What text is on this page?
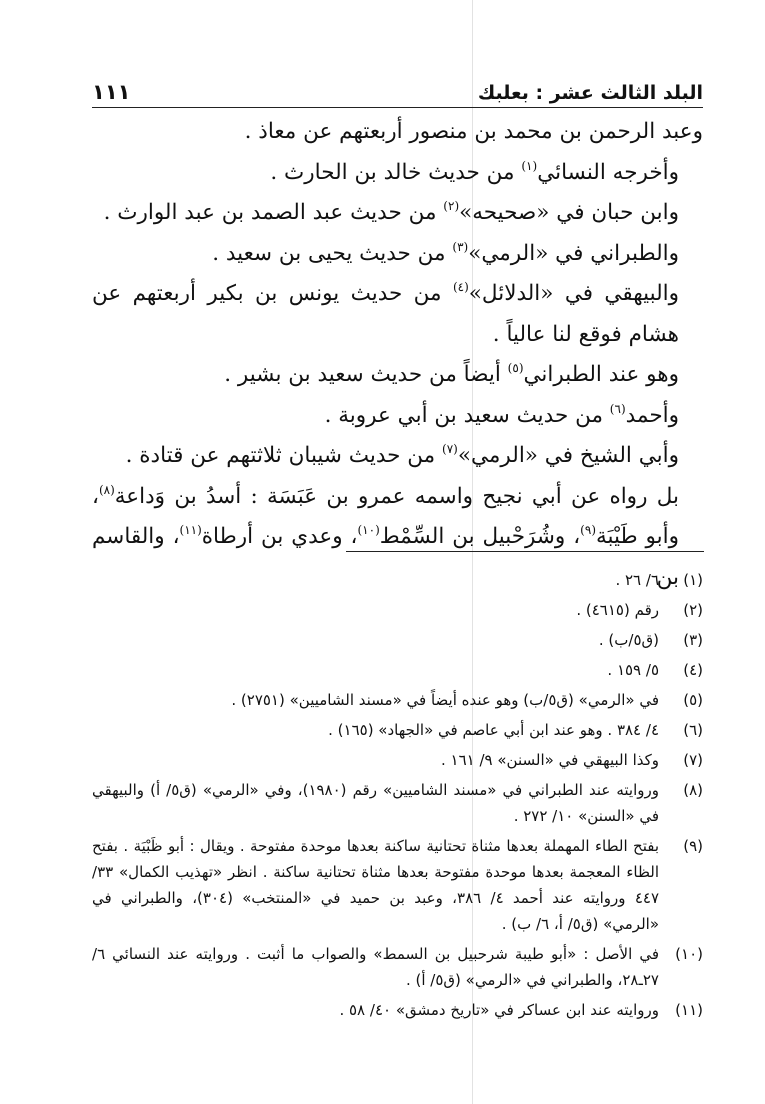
البلد الثالث عشر : بعلبك
١١١

وعبد الرحمن بن محمد بن منصور أربعتهم عن معاذ .

وأخرجه النسائي$^{(١)}$ من حديث خالد بن الحارث .

وابن حبان في «صحيحه»$^{(٢)}$ من حديث عبد الصمد بن عبد الوارث .

والطبراني في «الرمي»$^{(٣)}$ من حديث يحيى بن سعيد .

والبيهقي في «الدلائل»$^{(٤)}$ من حديث يونس بن بكير أربعتهم عن هشام فوقع لنا عالياً .

وهو عند الطبراني$^{(٥)}$ أيضاً من حديث سعيد بن بشير .

وأحمد$^{(٦)}$ من حديث سعيد بن أبي عروبة .

وأبي الشيخ في «الرمي»$^{(٧)}$ من حديث شيبان ثلاثتهم عن قتادة .

بل رواه عن أبي نجيح واسمه عمرو بن عَبَسَة : أسدُ بن وَداعة$^{(٨)}$، وأبو طَيْبَة$^{(٩)}$، وشُرَحْبيل بن السِّمْط$^{(١٠)}$، وعدي بن أرطاة$^{(١١)}$، والقاسم بن (١)
٦/ ٢٦ .
(٢)
رقم (٤٦١٥) .
(٣)
(ق٥/ب) .
(٤)
٥/ ١٥٩ .
(٥)
في «الرمي» (ق٥/ب) وهو عنده أيضاً في «مسند الشاميين» (٢٧٥١) .
(٦)
٤/ ٣٨٤ . وهو عند ابن أبي عاصم في «الجهاد» (١٦٥) .
(٧)
وكذا البيهقي في «السنن» ٩/ ١٦١ .
(٨)
وروايته عند الطبراني في «مسند الشاميين» رقم (١٩٨٠)، وفي «الرمي» (ق٥/ أ) والبيهقي في «السنن» ١٠/ ٢٧٢ .
(٩)
بفتح الطاء المهملة بعدها مثناة تحتانية ساكنة بعدها موحدة مفتوحة . ويقال : أبو ظَبْيَة . بفتح الظاء المعجمة بعدها موحدة مفتوحة بعدها مثناة تحتانية ساكنة . انظر «تهذيب الكمال» ٣٣/ ٤٤٧ وروايته عند أحمد ٤/ ٣٨٦، وعبد بن حميد في «المنتخب» (٣٠٤)، والطبراني في «الرمي» (ق٥/ أ، ٦/ ب) .
(١٠)
في الأصل : «أبو طيبة شرحبيل بن السمط» والصواب ما أثبت . وروايته عند النسائي ٦/ ٢٧ـ٢٨، والطبراني في «الرمي» (ق٥/ أ) .
(١١)
وروايته عند ابن عساكر في «تاريخ دمشق» ٤٠/ ٥٨ .
